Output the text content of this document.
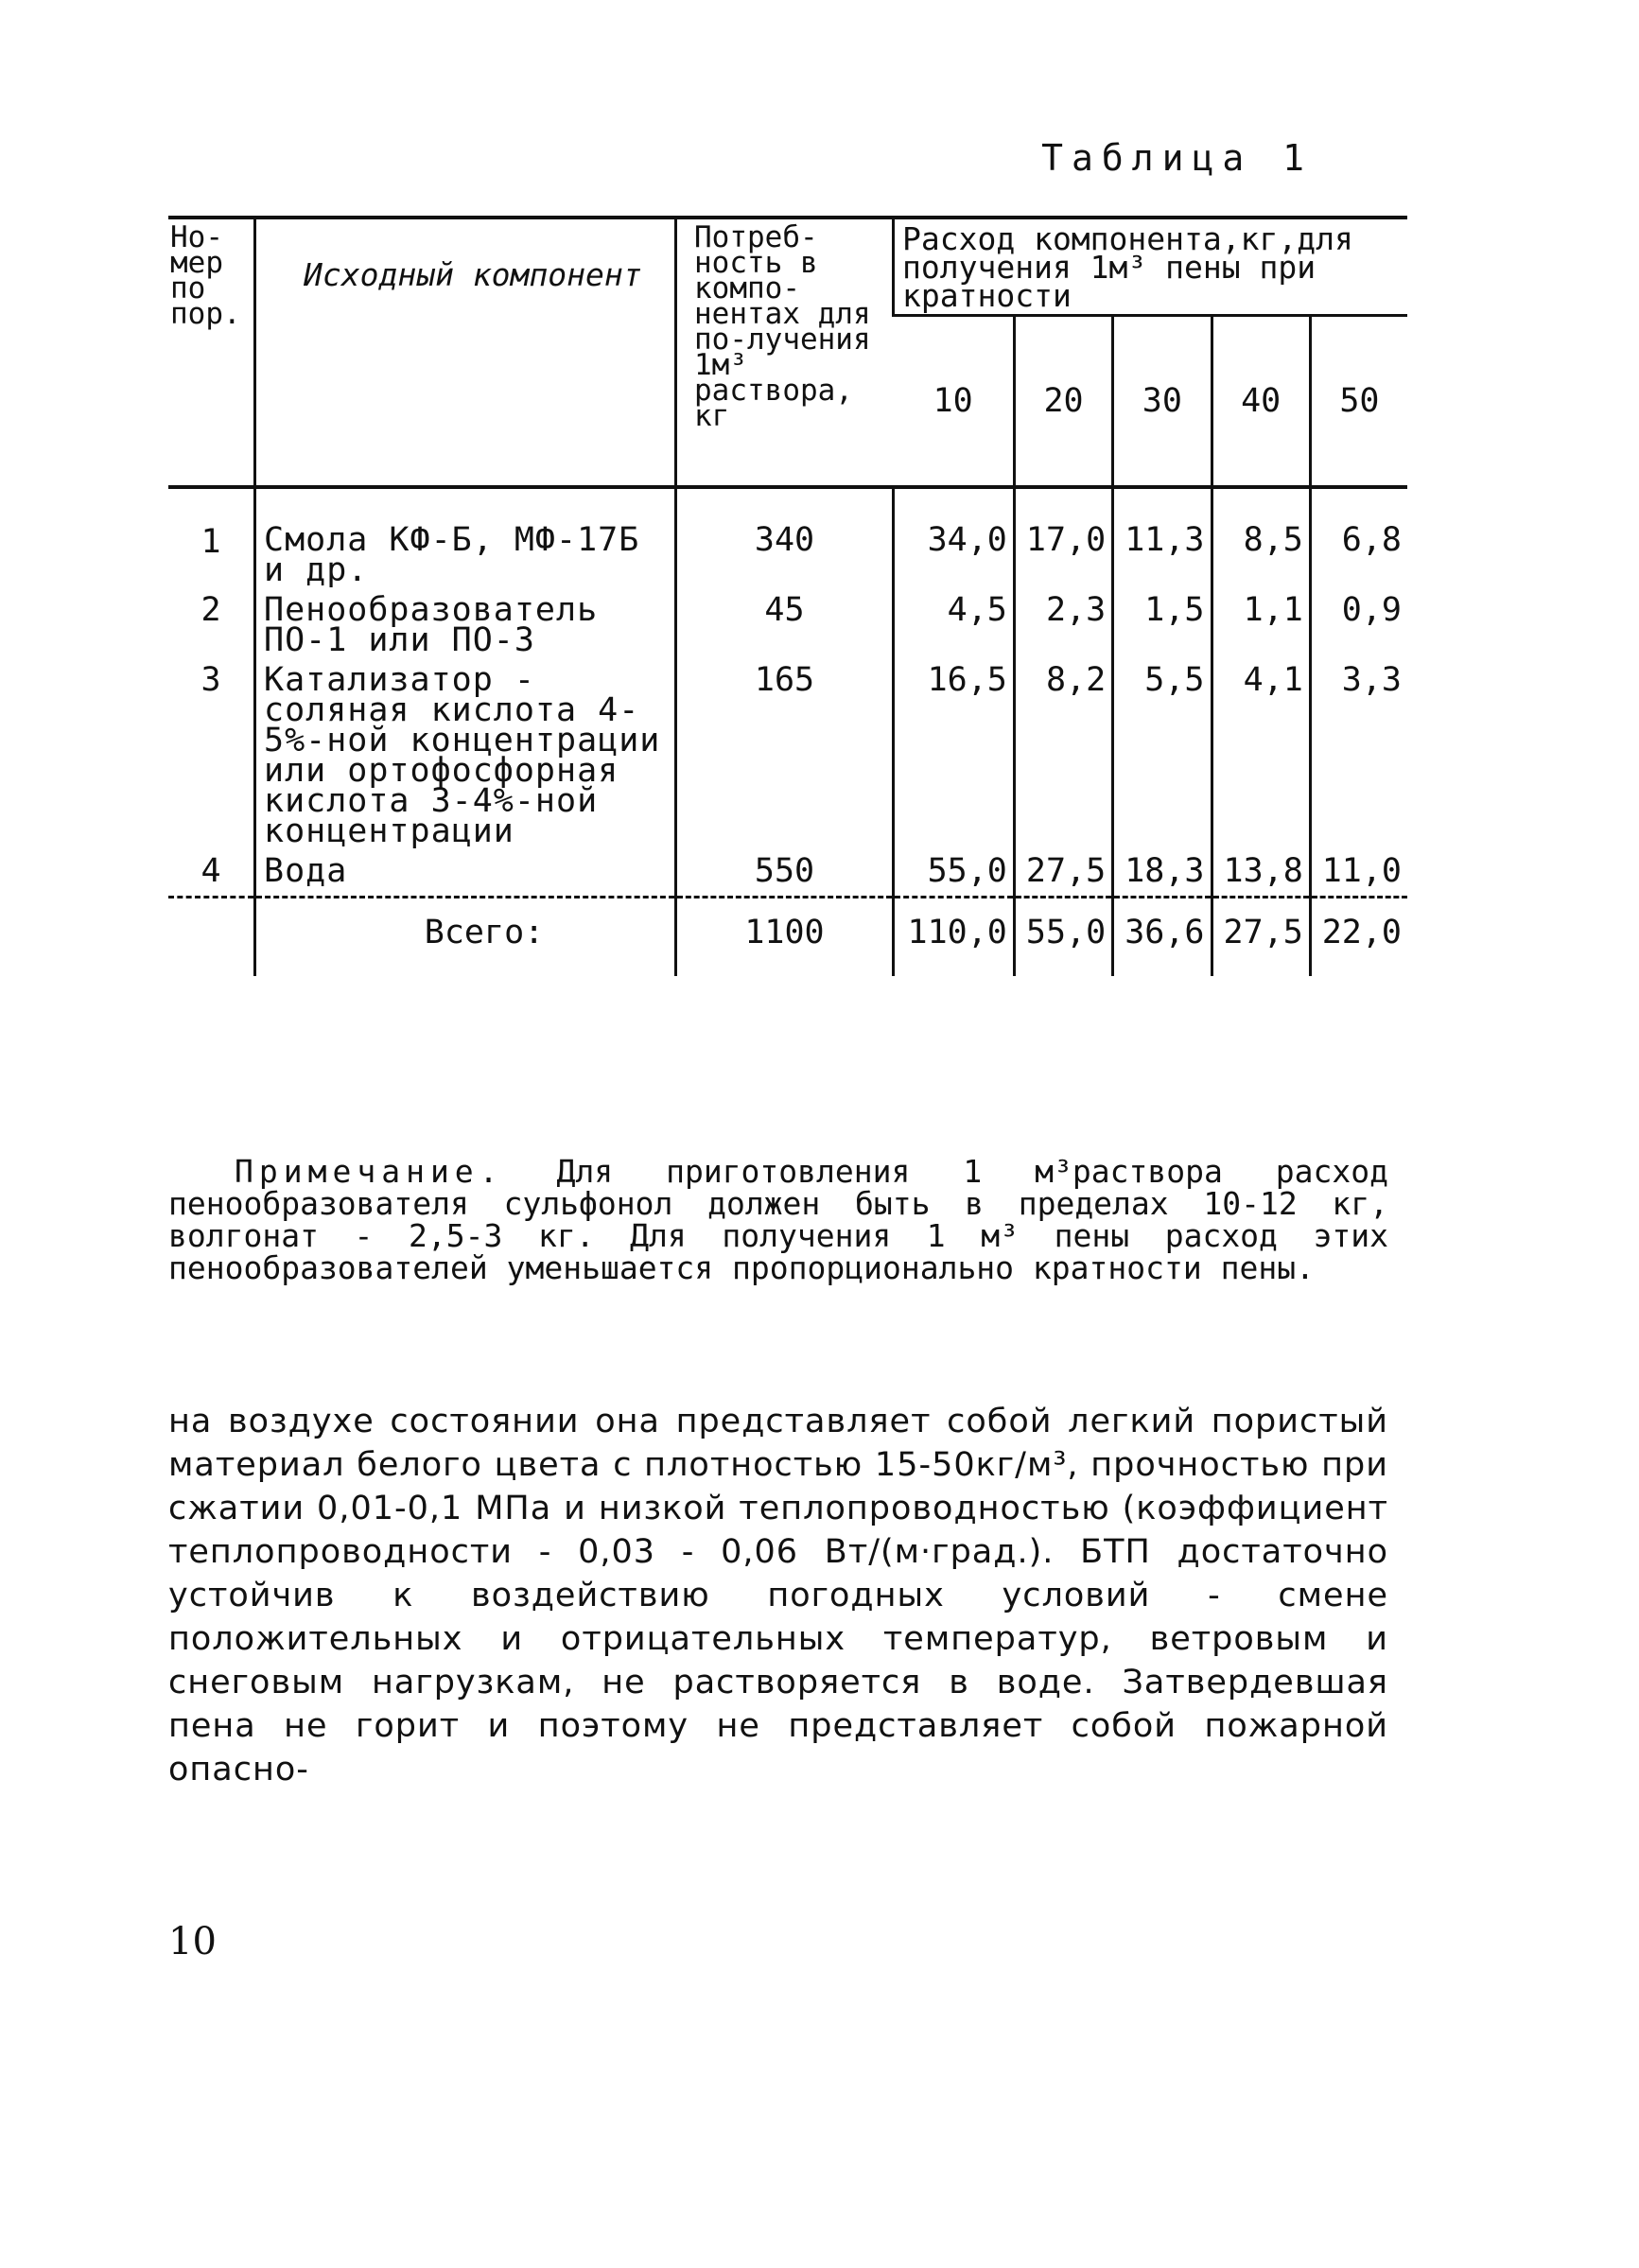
Таблица 1
Но-мер по пор.	Исходный компонент	Потреб-ность в компо-нентах для по-лучения 1м³ раствора, кг	Расход компонента,кг,для получения 1м³ пены при кратности				
			10	20	30	40	50

1	Смола КФ-Б, МФ-17Б и др.	340	34,0	17,0	11,3	8,5	6,8
2	Пенообразователь ПО-1 или ПО-3	45	4,5	2,3	1,5	1,1	0,9
3	Катализатор - соляная кислота 4-5%-ной концентрации или ортофосфорная кислота 3-4%-ной концентрации	165	16,5	8,2	5,5	4,1	3,3
4	Вода	550	55,0	27,5	18,3	13,8	11,0
	Всего:	1100	110,0	55,0	36,6	27,5	22,0
Примечание. Для приготовления 1 м³раствора расход пенообразователя сульфонол должен быть в пределах 10-12 кг, волгонат - 2,5-3 кг. Для получения 1 м³ пены расход этих пенообразователей уменьшается пропорционально кратности пены.
на воздухе состоянии она представляет собой легкий пористый материал белого цвета с плотностью 15-50кг/м³, прочностью при сжатии 0,01-0,1 МПа и низкой теплопроводностью (коэффициент теплопроводности - 0,03 - 0,06 Вт/(м·град.). БТП достаточно устойчив к воздействию погодных условий - смене положительных и отрицательных температур, ветровым и снеговым нагрузкам, не растворяется в воде. Затвердевшая пена не горит и поэтому не представляет собой пожарной опасно-
10
